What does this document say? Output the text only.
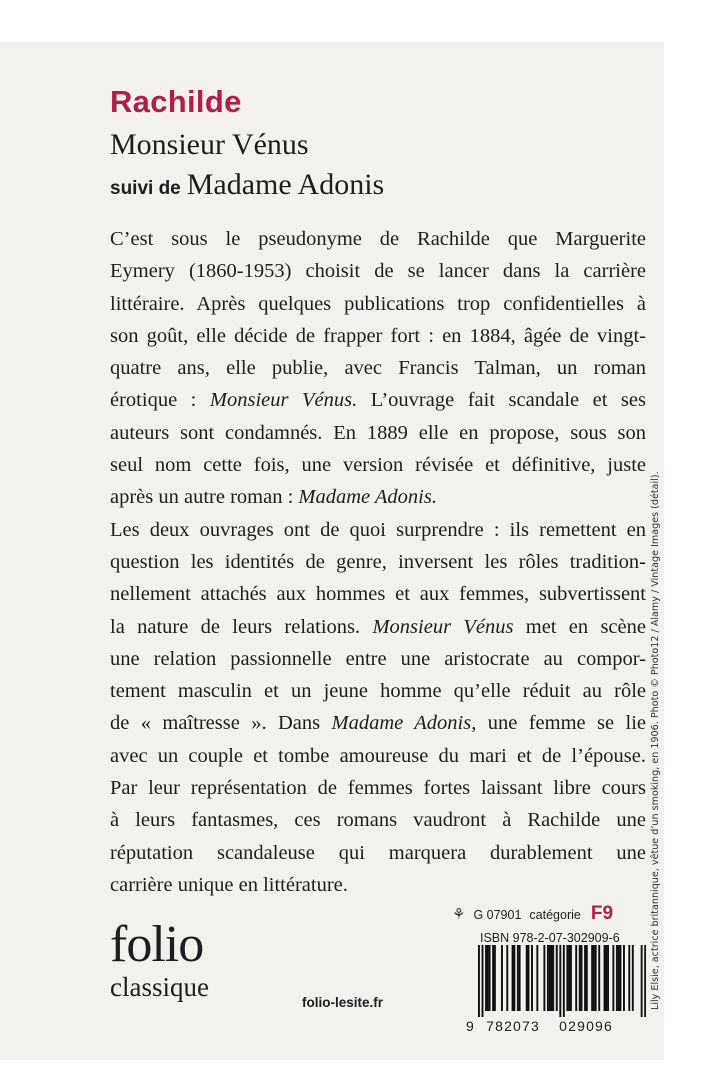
Rachilde
Monsieur Vénus
suivi de Madame Adonis
C’est sous le pseudonyme de Rachilde que Marguerite
Eymery (1860-1953) choisit de se lancer dans la carrière
littéraire. Après quelques publications trop confidentielles à
son goût, elle décide de frapper fort : en 1884, âgée de vingt-
quatre ans, elle publie, avec Francis Talman, un roman
érotique : Monsieur Vénus. L’ouvrage fait scandale et ses
auteurs sont condamnés. En 1889 elle en propose, sous son
seul nom cette fois, une version révisée et définitive, juste
après un autre roman : Madame Adonis.
Les deux ouvrages ont de quoi surprendre : ils remettent en
question les identités de genre, inversent les rôles tradition-
nellement attachés aux hommes et aux femmes, subvertissent
la nature de leurs relations. Monsieur Vénus met en scène
une relation passionnelle entre une aristocrate au compor-
tement masculin et un jeune homme qu’elle réduit au rôle
de « maîtresse ». Dans Madame Adonis, une femme se lie
avec un couple et tombe amoureuse du mari et de l’épouse.
Par leur représentation de femmes fortes laissant libre cours
à leurs fantasmes, ces romans vaudront à Rachilde une
réputation scandaleuse qui marquera durablement une
carrière unique en littérature.	Lily Elsie, actrice britannique, vêtue d’un smoking, en 1906. Photo © Photo12 / Alamy / Vintage Images (détail).
⚘ G 07901 catégorie F9
ISBN 978-2-07-302909-6
folio
classique
folio-lesite.fr
9 782073 029096
